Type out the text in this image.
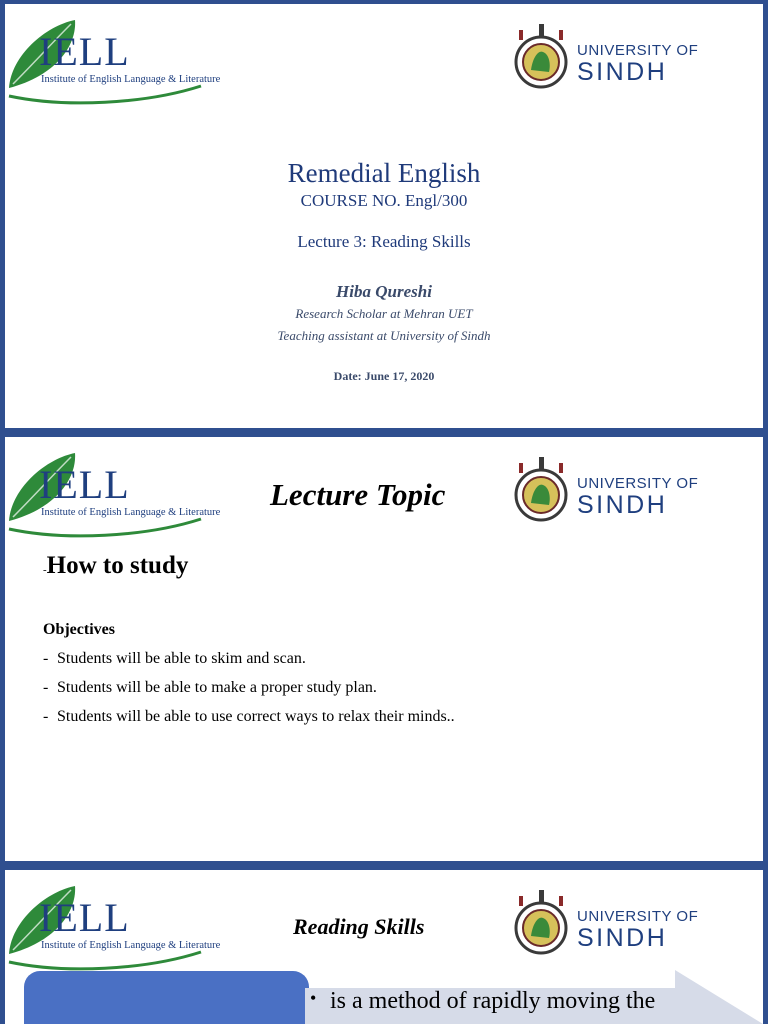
IELL
Institute of English Language & Literature
UNIVERSITY OF
SINDH
Remedial English
COURSE NO. Engl/300
Lecture 3: Reading Skills
Hiba Qureshi
Research Scholar at Mehran UET
Teaching assistant at University of Sindh
Date: June 17, 2020
IELL
Institute of English Language & Literature
UNIVERSITY OF
SINDH
Lecture Topic
-How to study
Objectives
- Students will be able to skim and scan.
- Students will be able to make a proper study plan.
- Students will be able to use correct ways to relax their minds..
IELL
Institute of English Language & Literature
UNIVERSITY OF
SINDH
Reading Skills
• is a method of rapidly moving the
